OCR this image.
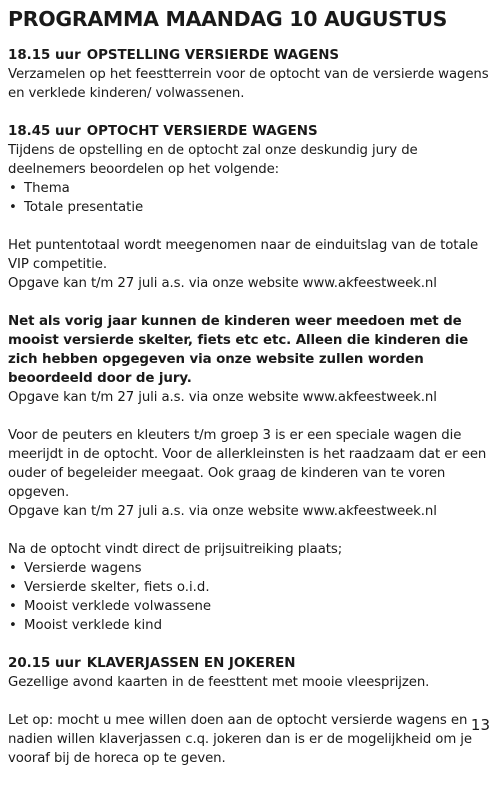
PROGRAMMA MAANDAG 10 AUGUSTUS

18.15 uur OPSTELLING VERSIERDE WAGENS

Verzamelen op het feestterrein voor de optocht van de versierde wagens en verklede kinderen/ volwassenen.

18.45 uur OPTOCHT VERSIERDE WAGENS

Tijdens de opstelling en de optocht zal onze deskundig jury de deelnemers beoordelen op het volgende:

• Thema
• Totale presentatie

Het puntentotaal wordt meegenomen naar de einduitslag van de totale VIP competitie.

Opgave kan t/m 27 juli a.s. via onze website www.akfeestweek.nl

Net als vorig jaar kunnen de kinderen weer meedoen met de mooist versierde skelter, fiets etc etc. Alleen die kinderen die zich hebben opgegeven via onze website zullen worden beoordeeld door de jury.

Opgave kan t/m 27 juli a.s. via onze website www.akfeestweek.nl

Voor de peuters en kleuters t/m groep 3 is er een speciale wagen die meerijdt in de optocht. Voor de allerkleinsten is het raadzaam dat er een ouder of begeleider meegaat. Ook graag de kinderen van te voren opgeven.

Opgave kan t/m 27 juli a.s. via onze website www.akfeestweek.nl

Na de optocht vindt direct de prijsuitreiking plaats;

• Versierde wagens
• Versierde skelter, fiets o.i.d.
• Mooist verklede volwassene
• Mooist verklede kind

20.15 uur KLAVERJASSEN EN JOKEREN

Gezellige avond kaarten in de feesttent met mooie vleesprijzen.

Let op: mocht u mee willen doen aan de optocht versierde wagens en nadien willen klaverjassen c.q. jokeren dan is er de mogelijkheid om je vooraf bij de horeca op te geven.

13
